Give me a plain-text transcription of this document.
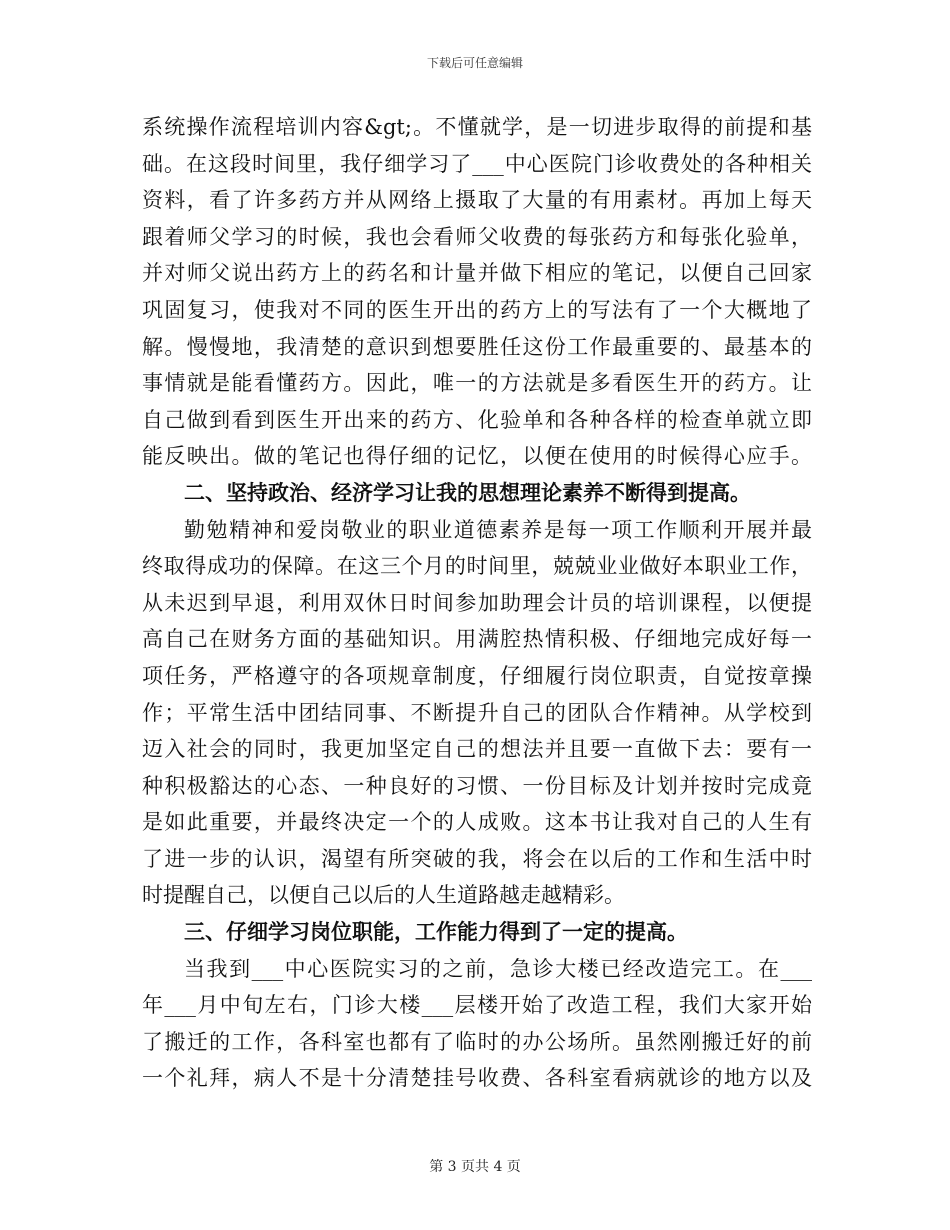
下载后可任意编辑
系统操作流程培训内容&gt;。不懂就学，是一切进步取得的前提和基
础。在这段时间里，我仔细学习了___中心医院门诊收费处的各种相关
资料，看了许多药方并从网络上摄取了大量的有用素材。再加上每天
跟着师父学习的时候，我也会看师父收费的每张药方和每张化验单，
并对师父说出药方上的药名和计量并做下相应的笔记，以便自己回家
巩固复习，使我对不同的医生开出的药方上的写法有了一个大概地了
解。慢慢地，我清楚的意识到想要胜任这份工作最重要的、最基本的
事情就是能看懂药方。因此，唯一的方法就是多看医生开的药方。让
自己做到看到医生开出来的药方、化验单和各种各样的检查单就立即
能反映出。做的笔记也得仔细的记忆，以便在使用的时候得心应手。
二、坚持政治、经济学习让我的思想理论素养不断得到提高。
勤勉精神和爱岗敬业的职业道德素养是每一项工作顺利开展并最
终取得成功的保障。在这三个月的时间里，兢兢业业做好本职业工作，
从未迟到早退，利用双休日时间参加助理会计员的培训课程，以便提
高自己在财务方面的基础知识。用满腔热情积极、仔细地完成好每一
项任务，严格遵守的各项规章制度，仔细履行岗位职责，自觉按章操
作；平常生活中团结同事、不断提升自己的团队合作精神。从学校到
迈入社会的同时，我更加坚定自己的想法并且要一直做下去：要有一
种积极豁达的心态、一种良好的习惯、一份目标及计划并按时完成竟
是如此重要，并最终决定一个的人成败。这本书让我对自己的人生有
了进一步的认识，渴望有所突破的我，将会在以后的工作和生活中时
时提醒自己，以便自己以后的人生道路越走越精彩。
三、仔细学习岗位职能，工作能力得到了一定的提高。
当我到___中心医院实习的之前，急诊大楼已经改造完工。在___
年___月中旬左右，门诊大楼___层楼开始了改造工程，我们大家开始
了搬迁的工作，各科室也都有了临时的办公场所。虽然刚搬迁好的前
一个礼拜，病人不是十分清楚挂号收费、各科室看病就诊的地方以及
第 3 页共 4 页
